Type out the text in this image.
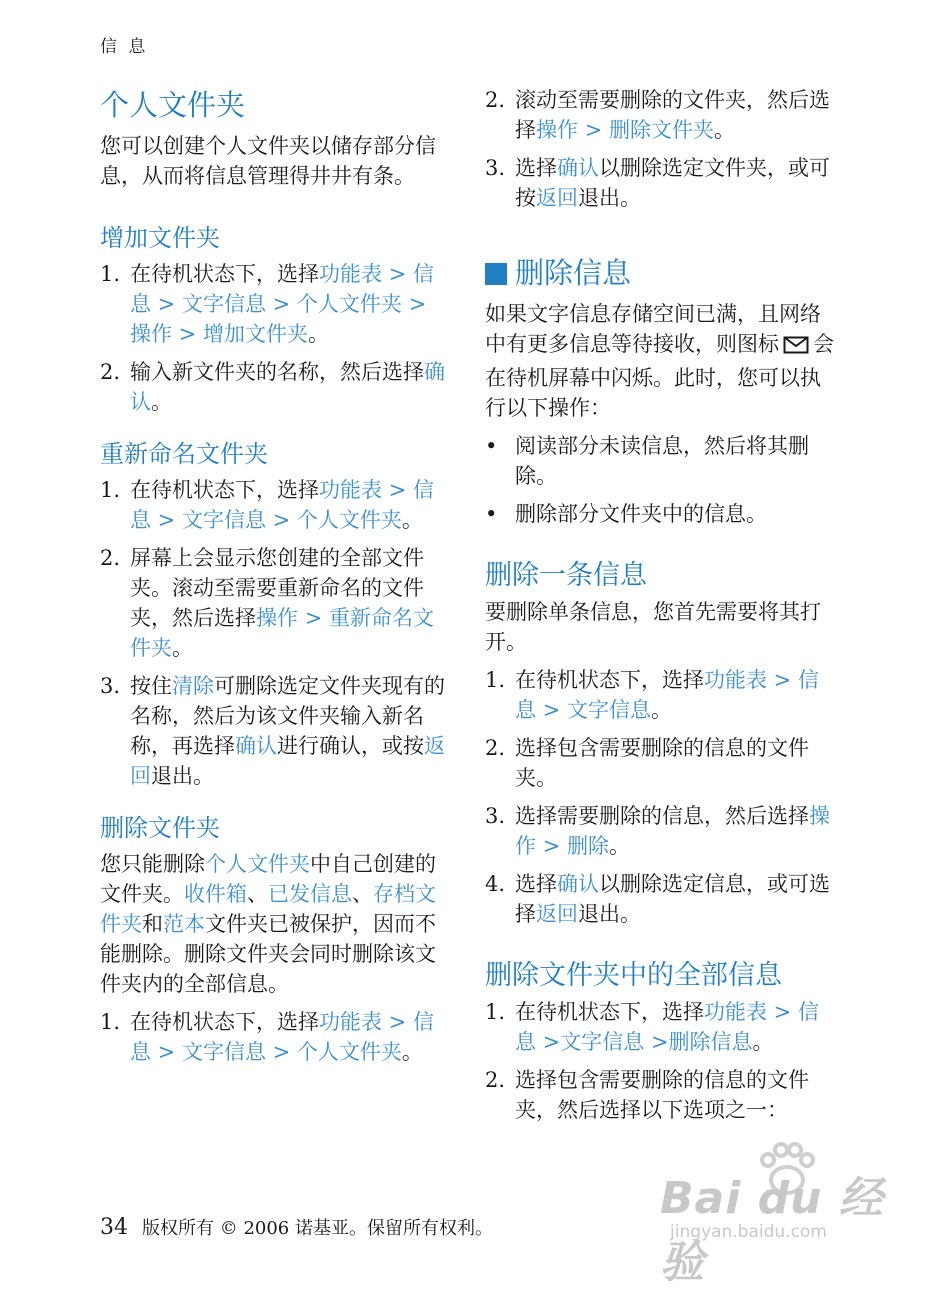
信 息
个人文件夹

您可以创建个人文件夹以储存部分信息，从而将信息管理得井井有条。

增加文件夹
1. 在待机状态下，选择功能表 > 信息 > 文字信息 > 个人文件夹 > 操作 > 增加文件夹。
2. 输入新文件夹的名称，然后选择确认。
重新命名文件夹
1. 在待机状态下，选择功能表 > 信息 > 文字信息 > 个人文件夹。
2. 屏幕上会显示您创建的全部文件夹。滚动至需要重新命名的文件夹，然后选择操作 > 重新命名文件夹。
3. 按住清除可删除选定文件夹现有的名称，然后为该文件夹输入新名称，再选择确认进行确认，或按返回退出。
删除文件夹

您只能删除个人文件夹中自己创建的文件夹。收件箱、已发信息、存档文件夹和范本文件夹已被保护，因而不能删除。删除文件夹会同时删除该文件夹内的全部信息。

1. 在待机状态下，选择功能表 > 信息 > 文字信息 > 个人文件夹。
2. 滚动至需要删除的文件夹，然后选择操作 > 删除文件夹。
3. 选择确认以删除选定文件夹，或可按返回退出。
删除信息

如果文字信息存储空间已满，且网络中有更多信息等待接收，则图标 会在待机屏幕中闪烁。此时，您可以执行以下操作：

• 阅读部分未读信息，然后将其删除。
• 删除部分文件夹中的信息。
删除一条信息

要删除单条信息，您首先需要将其打开。

1. 在待机状态下，选择功能表 > 信息 > 文字信息。
2. 选择包含需要删除的信息的文件夹。
3. 选择需要删除的信息，然后选择操作 > 删除。
4. 选择确认以删除选定信息，或可选择返回退出。
删除文件夹中的全部信息
1. 在待机状态下，选择功能表 > 信息 >文字信息 >删除信息。
2. 选择包含需要删除的信息的文件夹，然后选择以下选项之一：
34 版权所有 © 2006 诺基亚。保留所有权利。
Bai du 经验
jingyan.baidu.com
